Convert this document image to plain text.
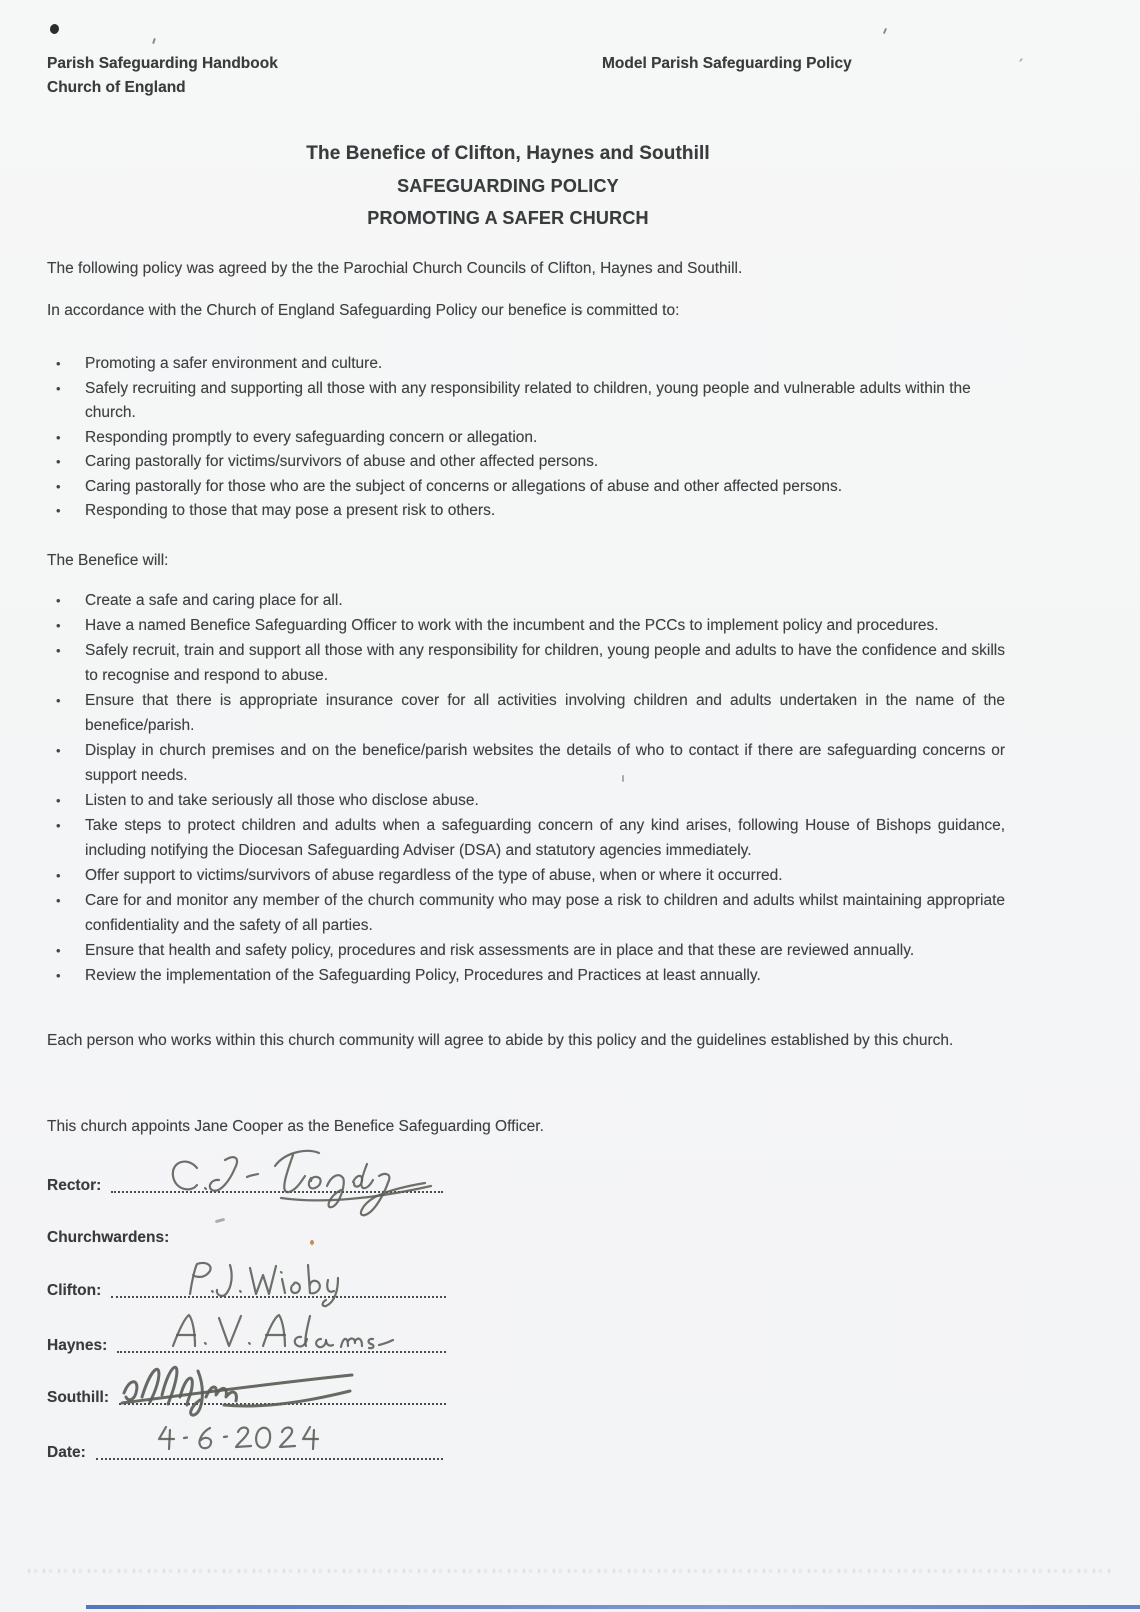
Parish Safeguarding Handbook
Church of England
Model Parish Safeguarding Policy
The Benefice of Clifton, Haynes and Southill
SAFEGUARDING POLICY
PROMOTING A SAFER CHURCH

The following policy was agreed by the the Parochial Church Councils of Clifton, Haynes and Southill.

In accordance with the Church of England Safeguarding Policy our benefice is committed to:

• Promoting a safer environment and culture.
• Safely recruiting and supporting all those with any responsibility related to children, young people and vulnerable adults within the church.
• Responding promptly to every safeguarding concern or allegation.
• Caring pastorally for victims/survivors of abuse and other affected persons.
• Caring pastorally for those who are the subject of concerns or allegations of abuse and other affected persons.
• Responding to those that may pose a present risk to others.
The Benefice will:
• Create a safe and caring place for all.
• Have a named Benefice Safeguarding Officer to work with the incumbent and the PCCs to implement policy and procedures.
• Safely recruit, train and support all those with any responsibility for children, young people and adults to have the confidence and skills to recognise and respond to abuse.
• Ensure that there is appropriate insurance cover for all activities involving children and adults undertaken in the name of the benefice/parish.
• Display in church premises and on the benefice/parish websites the details of who to contact if there are safeguarding concerns or support needs.
• Listen to and take seriously all those who disclose abuse.
• Take steps to protect children and adults when a safeguarding concern of any kind arises, following House of Bishops guidance, including notifying the Diocesan Safeguarding Adviser (DSA) and statutory agencies immediately.
• Offer support to victims/survivors of abuse regardless of the type of abuse, when or where it occurred.
• Care for and monitor any member of the church community who may pose a risk to children and adults whilst maintaining appropriate confidentiality and the safety of all parties.
• Ensure that health and safety policy, procedures and risk assessments are in place and that these are reviewed annually.
• Review the implementation of the Safeguarding Policy, Procedures and Practices at least annually.

Each person who works within this church community will agree to abide by this policy and the guidelines established by this church.

This church appoints Jane Cooper as the Benefice Safeguarding Officer.

Rector:
Churchwardens:
Clifton:
Haynes:
Southill:
Date:
